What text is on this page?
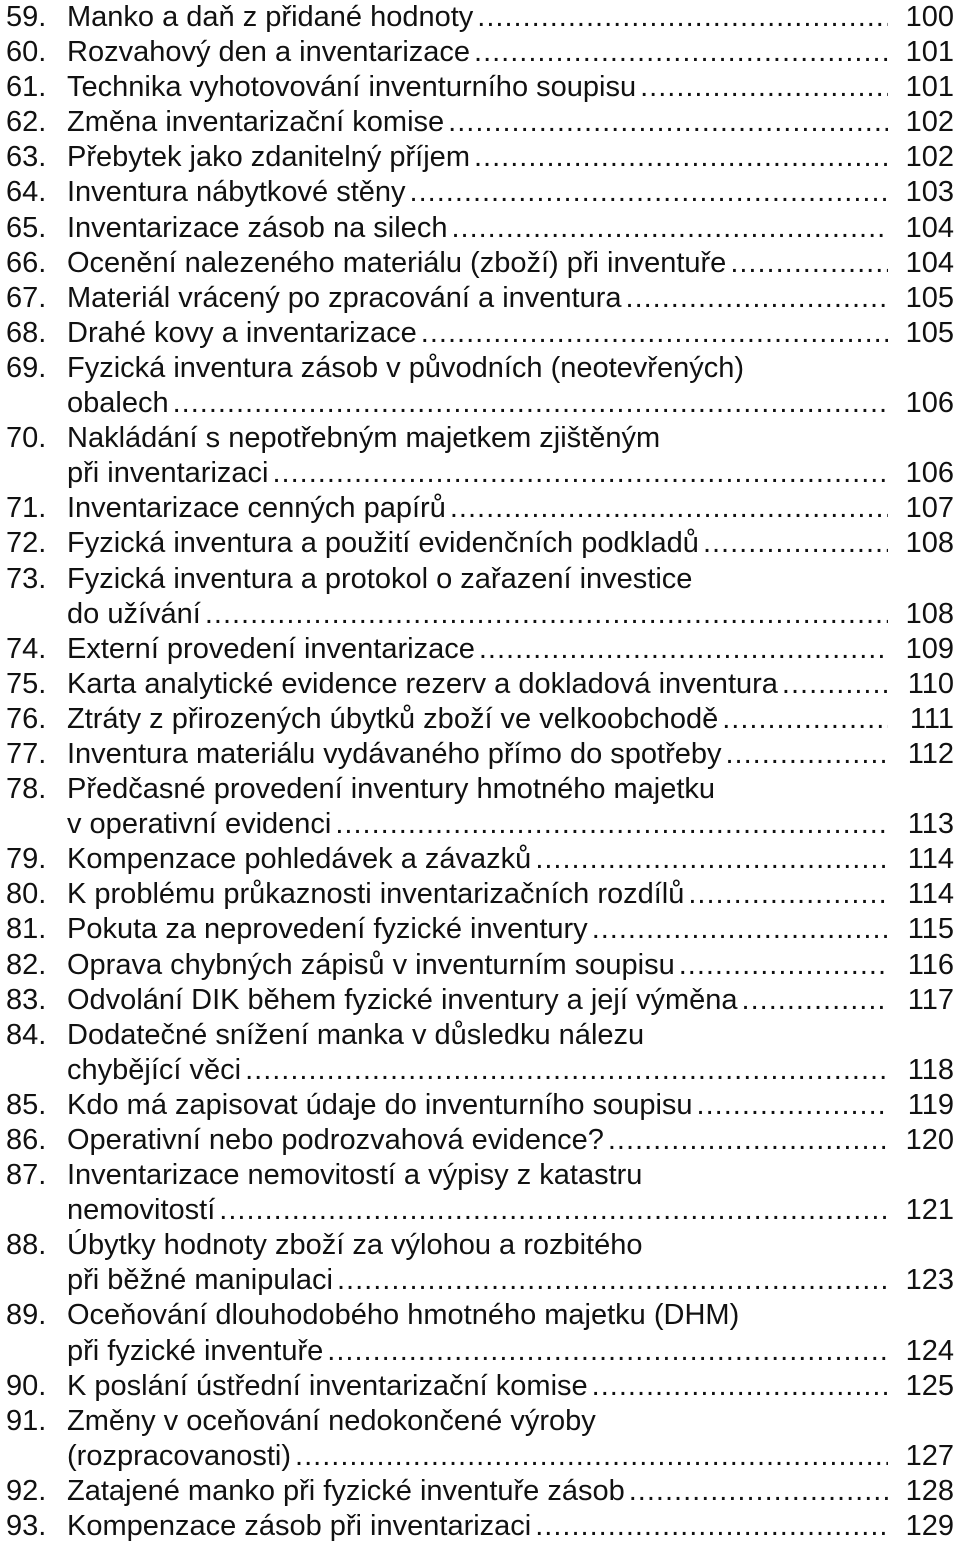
59. Manko a daň z přidané hodnoty .....	100
60. Rozvahový den a inventarizace .....	101
61. Technika vyhotovování inventurního soupisu .....	101
62. Změna inventarizační komise .....	102
63. Přebytek jako zdanitelný příjem .....	102
64. Inventura nábytkové stěny .....	103
65. Inventarizace zásob na silech .....	104
66. Ocenění nalezeného materiálu (zboží) při inventuře .....	104
67. Materiál vrácený po zpracování a inventura .....	105
68. Drahé kovy a inventarizace .....	105
69. Fyzická inventura zásob v původních (neotevřených)
obalech .....	106
70. Nakládání s nepotřebným majetkem zjištěným
při inventarizaci .....	106
71. Inventarizace cenných papírů .....	107
72. Fyzická inventura a použití evidenčních podkladů .....	108
73. Fyzická inventura a protokol o zařazení investice
do užívání .....	108
74. Externí provedení inventarizace .....	109
75. Karta analytické evidence rezerv a dokladová inventura .....	110
76. Ztráty z přirozených úbytků zboží ve velkoobchodě .....	111
77. Inventura materiálu vydávaného přímo do spotřeby .....	112
78. Předčasné provedení inventury hmotného majetku
v operativní evidenci .....	113
79. Kompenzace pohledávek a závazků .....	114
80. K problému průkaznosti inventarizačních rozdílů .....	114
81. Pokuta za neprovedení fyzické inventury .....	115
82. Oprava chybných zápisů v inventurním soupisu .....	116
83. Odvolání DIK během fyzické inventury a její výměna .....	117
84. Dodatečné snížení manka v důsledku nálezu
chybějící věci .....	118
85. Kdo má zapisovat údaje do inventurního soupisu .....	119
86. Operativní nebo podrozvahová evidence? .....	120
87. Inventarizace nemovitostí a výpisy z katastru
nemovitostí .....	121
88. Úbytky hodnoty zboží za výlohou a rozbitého
při běžné manipulaci .....	123
89. Oceňování dlouhodobého hmotného majetku (DHM)
při fyzické inventuře .....	124
90. K poslání ústřední inventarizační komise .....	125
91. Změny v oceňování nedokončené výroby
(rozpracovanosti) .....	127
92. Zatajené manko při fyzické inventuře zásob .....	128
93. Kompenzace zásob při inventarizaci .....	129
